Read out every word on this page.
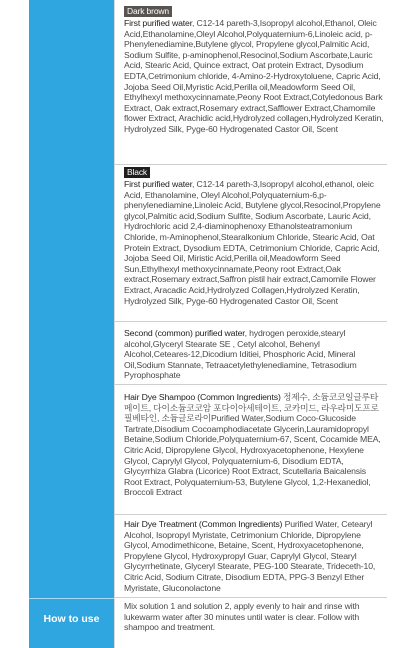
How to use
Dark brown
First purified water, C12-14 pareth-3,Isopropyl alcohol,Ethanol, Oleic Acid,Ethanolamine,Oleyl Alcohol,Polyquaternium-6,Linoleic acid, p-Phenylenediamine,Butylene glycol, Propylene glycol,Palmitic Acid, Sodium Sulfite, p-aminophenol,Resocinol,Sodium Ascorbate,Lauric Acid, Stearic Acid, Quince extract, Oat protein Extract, Dysodium EDTA,Cetrimonium chloride, 4-Amino-2-Hydroxytoluene, Capric Acid, Jojoba Seed Oil,Myristic Acid,Perilla oil,Meadowform Seed Oil, Ethylhexyl methoxycinnamate,Peony Root Extract,Cotyledonous Bark Extract, Oak extract,Rosemary extract,Safflower Extract,Chamomile flower Extract, Arachidic acid,Hydrolyzed collagen,Hydrolyzed Keratin, Hydrolyzed Silk, Pyge-60 Hydrogenated Castor Oil, Scent
Black
First purified water, C12-14 pareth-3,Isopropyl alcohol,ethanol, oleic Acid, Ethanolamine, Oleyl Alcohol,Polyquaternium-6,p-phenylenediamine,Linoleic Acid, Butylene glycol,Resocinol,Propylene glycol,Palmitic acid,Sodium Sulfite, Sodium Ascorbate, Lauric Acid, Hydrochloric acid 2,4-diaminophenoxy Ethanolsteatramonium Chloride, m-Aminophenol,Stearalkonium Chloride, Stearic Acid, Oat Protein Extract, Dysodium EDTA, Cetrimonium Chloride, Capric Acid, Jojoba Seed Oil, Miristic Acid,Perilla oil,Meadowform Seed Sun,Ethylhexyl methoxycinnamate,Peony root Extract,Oak extract,Rosemary extract,Saffron pistil hair extract,Camomile Flower Extract, Aracadic Acid,Hydrolyzed Collagen,Hydrolyzed Keratin, Hydrolyzed Silk, Pyge-60 Hydrogenated Castor Oil, Scent
Second (common) purified water, hydrogen peroxide,stearyl alcohol,Glyceryl Stearate SE , Cetyl alcohol, Behenyl Alcohol,Ceteares-12,Dicodium Iditiei, Phosphoric Acid, Mineral Oil,Sodium Stannate, Tetraacetylethylenediamine, Tetrasodium Pyrophosphate
Hair Dye Shampoo (Common Ingredients) 정제수, 소듐코코일글루타메이트, 다이소듐코코암 포다이아세테이트, 코카미드, 라우라미도프로필베타인, 소듐글로라이Purified Water,Sodium Coco-Glucoside Tartrate,Disodium Cocoamphodiacetate Glycerin,Lauramidopropyl Betaine,Sodium Chloride,Polyquaternium-67, Scent, Cocamide MEA, Citric Acid, Dipropylene Glycol, Hydroxyacetophenone, Hexylene Glycol, Caprylyl Glycol, Polyquaternium-6, Disodium EDTA, Glycyrrhiza Glabra (Licorice) Root Extract, Scutellaria Baicalensis Root Extract, Polyquaternium-53, Butylene Glycol, 1,2-Hexanediol, Broccoli Extract
Hair Dye Treatment (Common Ingredients) Purified Water, Cetearyl Alcohol, Isopropyl Myristate, Cetrimonium Chloride, Dipropylene Glycol, Amodimethicone, Betaine, Scent, Hydroxyacetophenone, Propylene Glycol, Hydroxypropyl Guar, Caprylyl Glycol, Stearyl Glycyrrhetinate, Glyceryl Stearate, PEG-100 Stearate, Trideceth-10, Citric Acid, Sodium Citrate, Disodium EDTA, PPG-3 Benzyl Ether Myristate, Gluconolactone
Mix solution 1 and solution 2, apply evenly to hair and rinse with lukewarm water after 30 minutes until water is clear. Follow with shampoo and treatment.
